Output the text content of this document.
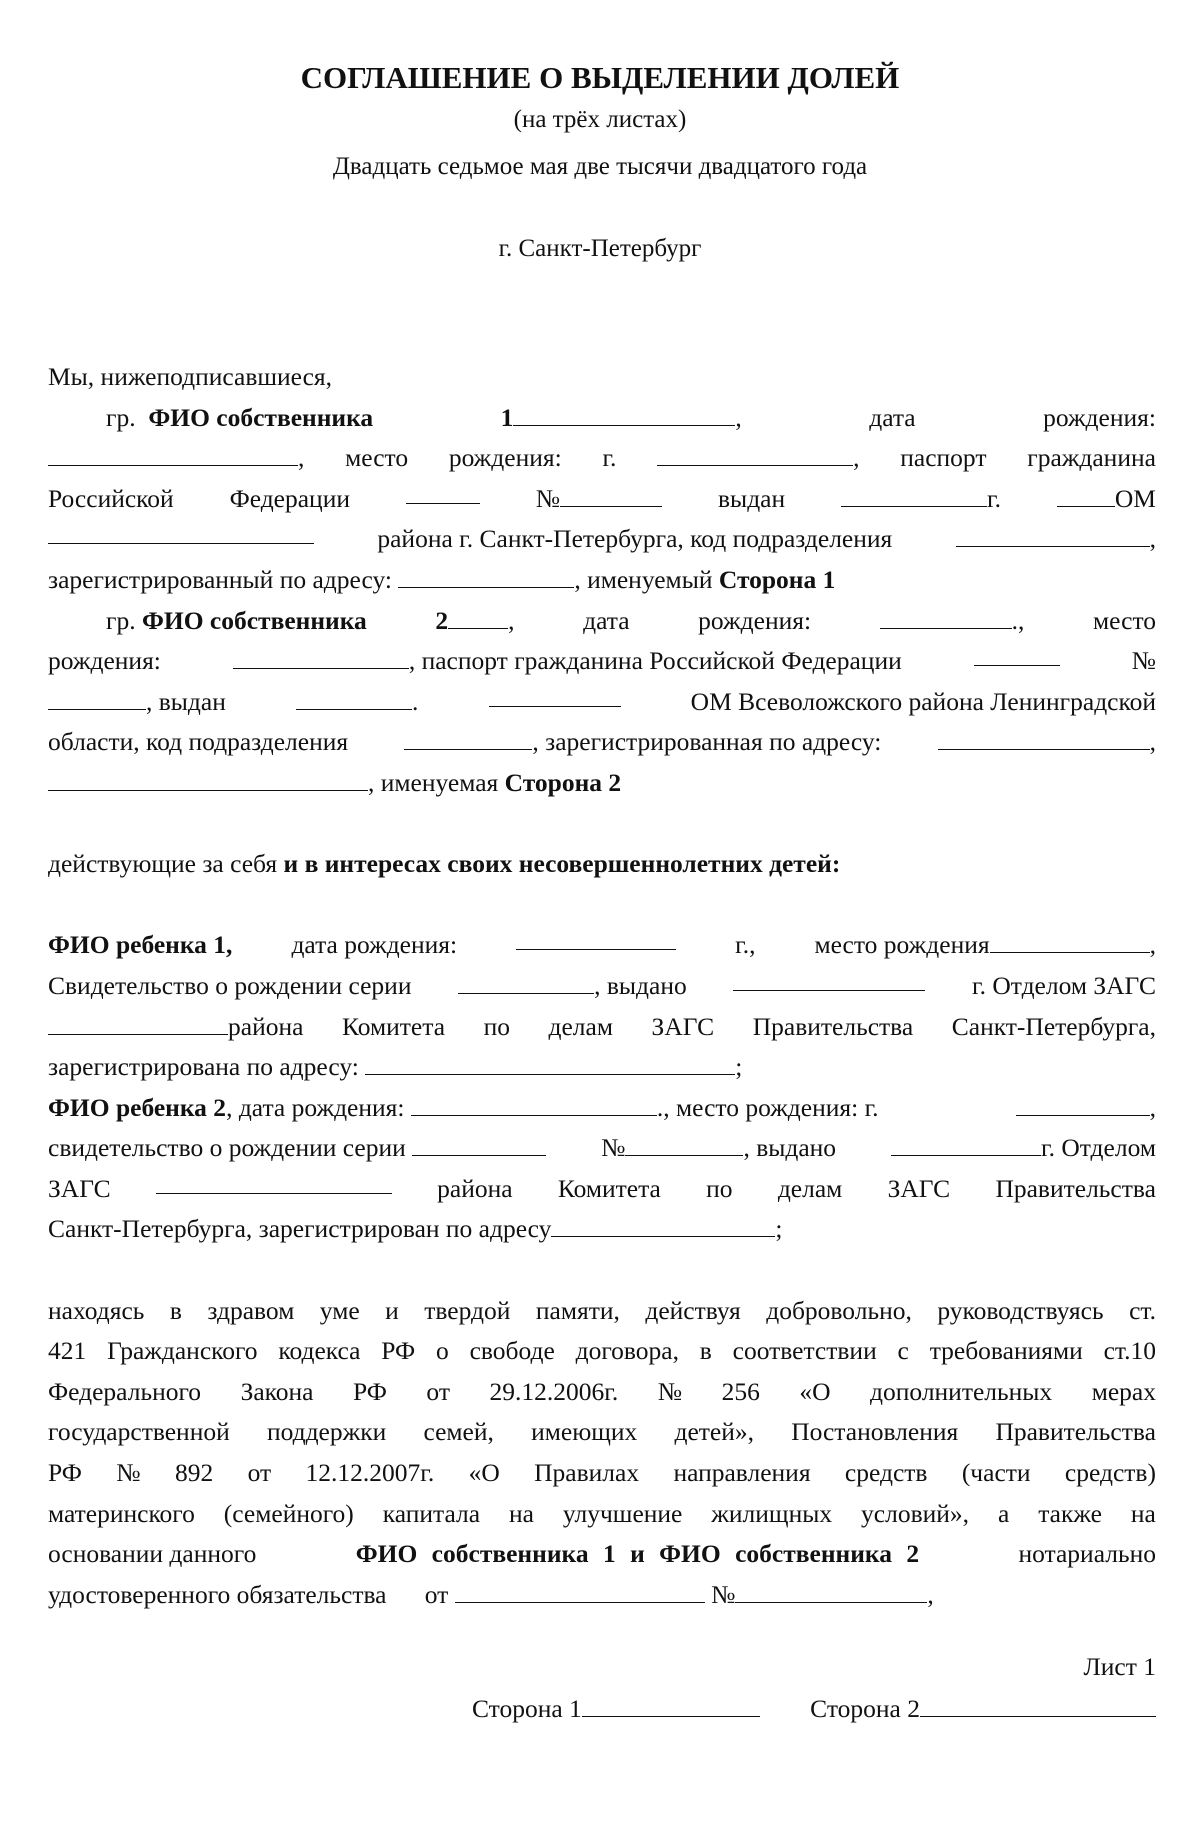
СОГЛАШЕНИЕ О ВЫДЕЛЕНИИ ДОЛЕЙ
(на трёх листах)
Двадцать седьмое мая две тысячи двадцатого года
г. Санкт-Петербург
Мы, нижеподписавшиеся,
гр. ФИО собственника	1	,	дата	рождения:
, место рождения: г.	, паспорт гражданина
Российской Федерации	№	выдан	г.	ОМ
района г. Санкт-Петербурга, код подразделения	,
зарегистрированный по адресу:	, именуемый Сторона 1
гр. ФИО собственника	2 ,	дата	рождения:	.,	место
рождения:	, паспорт гражданина Российской Федерации	№
, выдан	.	ОМ Всеволожского района Ленинградской
области, код подразделения	, зарегистрированная по адресу:	,
, именуемая Сторона 2
действующие за себя и в интересах своих несовершеннолетних детей:
ФИО ребенка 1, дата рождения:	г., место рождения	,
Свидетельство о рождении серии	, выдано	г. Отделом ЗАГС
района Комитета по делам ЗАГС Правительства Санкт-Петербурга,
зарегистрирована по адресу:	;
ФИО ребенка 2, дата рождения:	., место рождения: г.	,
свидетельство о рождении серии	№	, выдано	г. Отделом
ЗАГС	района Комитета по делам ЗАГС Правительства
Санкт-Петербурга, зарегистрирован по адресу	;
находясь в здравом уме и твердой памяти, действуя добровольно, руководствуясь ст.
421 Гражданского кодекса РФ о свободе договора, в соответствии с требованиями ст.10
Федерального Закона РФ от 29.12.2006г. № 256 «О дополнительных мерах
государственной поддержки семей, имеющих детей», Постановления Правительства
РФ № 892 от 12.12.2007г. «О Правилах направления средств (части средств)
материнского (семейного) капитала на улучшение жилищных условий», а также на
основании данного	ФИО собственника 1 и ФИО собственника 2	нотариально
удостоверенного обязательства от	№	,
Лист 1
Сторона 1	Сторона 2
